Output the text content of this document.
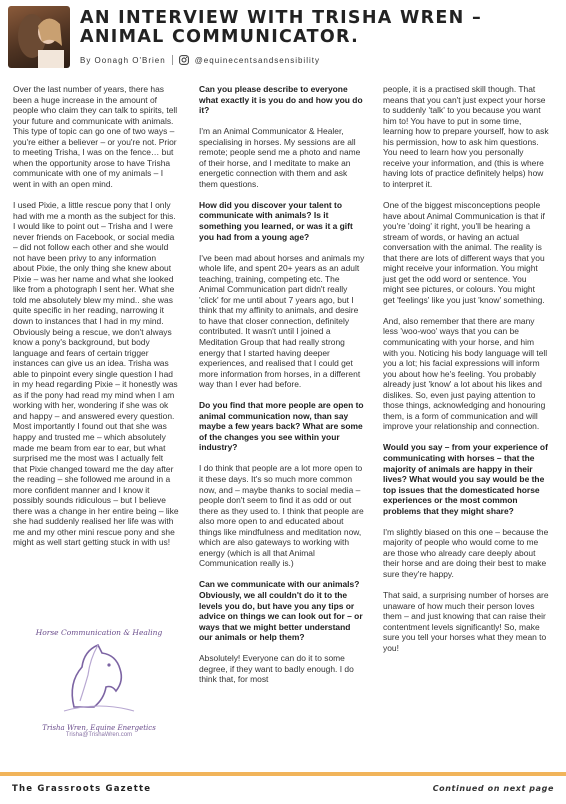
AN INTERVIEW WITH TRISHA WREN – ANIMAL COMMUNICATOR.
By Oonagh O'Brien	@equinecentsandsensibility

Over the last number of years, there has been a huge increase in the amount of people who claim they can talk to spirits, tell your future and communicate with animals. This type of topic can go one of two ways – you're either a believer – or you're not. Prior to meeting Trisha, I was on the fence… but when the opportunity arose to have Trisha communicate with one of my animals – I went in with an open mind.

I used Pixie, a little rescue pony that I only had with me a month as the subject for this. I would like to point out – Trisha and I were never friends on Facebook, or social media – did not follow each other and she would not have been privy to any information about Pixie, the only thing she knew about Pixie – was her name and what she looked like from a photograph I sent her. What she told me absolutely blew my mind.. she was quite specific in her reading, narrowing it down to instances that I had in my mind. Obviously being a rescue, we don't always know a pony's background, but body language and fears of certain trigger instances can give us an idea. Trisha was able to pinpoint every single question I had in my head regarding Pixie – it honestly was as if the pony had read my mind when I am working with her, wondering if she was ok and happy – and answered every question. Most importantly I found out that she was happy and trusted me – which absolutely made me beam from ear to ear, but what surprised me the most was I actually felt that Pixie changed toward me the day after the reading – she followed me around in a more confident manner and I know it possibly sounds ridiculous – but I believe there was a change in her entire being – like she had suddenly realised her life was with me and my other mini rescue pony and she might as well start getting stuck in with us!

Can you please describe to everyone what exactly it is you do and how you do it?

I'm an Animal Communicator & Healer, specialising in horses. My sessions are all remote; people send me a photo and name of their horse, and I meditate to make an energetic connection with them and ask them questions.

How did you discover your talent to communicate with animals? Is it something you learned, or was it a gift you had from a young age?

I've been mad about horses and animals my whole life, and spent 20+ years as an adult teaching, training, competing etc. The Animal Communication part didn't really 'click' for me until about 7 years ago, but I think that my affinity to animals, and desire to have that closer connection, definitely contributed. It wasn't until I joined a Meditation Group that had really strong energy that I started having deeper experiences, and realised that I could get more information from horses, in a different way than I ever had before.

Do you find that more people are open to animal communication now, than say maybe a few years back? What are some of the changes you see within your industry?

I do think that people are a lot more open to it these days. It's so much more common now, and – maybe thanks to social media – people don't seem to find it as odd or out there as they used to. I think that people are also more open to and educated about things like mindfulness and meditation now, which are also gateways to working with energy (which is all that Animal Communication really is.)

Can we communicate with our animals? Obviously, we all couldn't do it to the levels you do, but have you any tips or advice on things we can look out for – or ways that we might better understand our animals or help them?

Absolutely! Everyone can do it to some degree, if they want to badly enough. I do think that, for most

people, it is a practised skill though. That means that you can't just expect your horse to suddenly 'talk' to you because you want him to! You have to put in some time, learning how to prepare yourself, how to ask his permission, how to ask him questions. You need to learn how you personally receive your information, and (this is where having lots of practice definitely helps) how to interpret it.

One of the biggest misconceptions people have about Animal Communication is that if you're 'doing' it right, you'll be hearing a stream of words, or having an actual conversation with the animal. The reality is that there are lots of different ways that you might receive your information. You might just get the odd word or sentence. You might see pictures, or colours. You might get 'feelings' like you just 'know' something.

And, also remember that there are many less 'woo-woo' ways that you can be communicating with your horse, and him with you. Noticing his body language will tell you a lot; his facial expressions will inform you about how he's feeling. You probably already just 'know' a lot about his likes and dislikes. So, even just paying attention to those things, acknowledging and honouring them, is a form of communication and will improve your relationship and connection.

Would you say – from your experience of communicating with horses – that the majority of animals are happy in their lives? What would you say would be the top issues that the domesticated horse experiences or the most common problems that they might share?

I'm slightly biased on this one – because the majority of people who would come to me are those who already care deeply about their horse and are doing their best to make sure they're happy.

That said, a surprising number of horses are unaware of how much their person loves them – and just knowing that can raise their contentment levels significantly! So, make sure you tell your horses what they mean to you!

Horse Communication & Healing
Trisha Wren, Equine Energetics
Trisha@TrishaWren.com
The Grassroots Gazette	Continued on next page
